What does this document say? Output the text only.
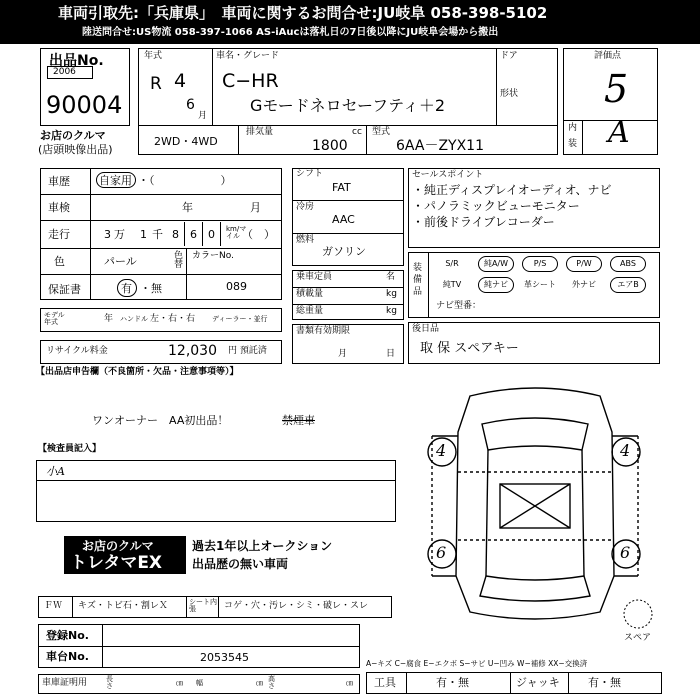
車両引取先:「兵庫県」　車両に関するお問合せ:JU岐阜 058-398-5102
陸送問合せ:US物流 058-397-1066 AS-iAucは落札日の7日後以降にJU岐阜会場から搬出
出品No.
2006
90004
お店のクルマ
(店頭映像出品)
年式
R 4
6
月
車名・グレード
C−HR
Gモードネロセーフティ＋2
ドア
形状
2WD・4WD
排気量	cc
1800
型式
6AA－ZYX11
評価点
5
内
装 A
車歴	自家用 ・（　　　　　　）
車検	年	月
走行	3 万 1 千 8 6 0 km/マイル （　）
色	パール	色替
カラーNo.
089
保証書	有 ・無
モデル年式	年 ハンドル 左・右・右 ディーラー・並行
リサイクル料金	12,030 円 預託済
シフト
FAT
冷房
AAC
燃料
ガソリン
乗車定員	名
積載量	kg
総重量	kg
書類有効期限
月	日
セールスポイント
・純正ディスプレイオーディオ、ナビ
・パノラミックビューモニター
・前後ドライブレコーダー
装備品
S/R	純A/W	P/S	P/W	ABS
純TV	純ナビ	革シート	外ナビ	エアB
ナビ型番：
後日品
取 保 スペアキー
【出品店申告欄（不良箇所・欠品・注意事項等）】
ワンオーナー　AA初出品！	禁煙車
【検査員記入】
小A
お店のクルマ
トレタマEX
過去1年以上オークション
出品歴の無い車両
ＦＷ キズ・トビ石・割レＸ	シート内張	コゲ・穴・汚レ・シミ・破レ・スレ
登録No.
車台No.	2053545
車庫証明用	長さ	幅	高さ
㎝	㎝	㎝
4	4
6	6
スペア
A−キズ C−腐食 E−エクボ S−サビ U−凹み W−補修 XX−交換済
工具	有・無	ジャッキ	有・無
